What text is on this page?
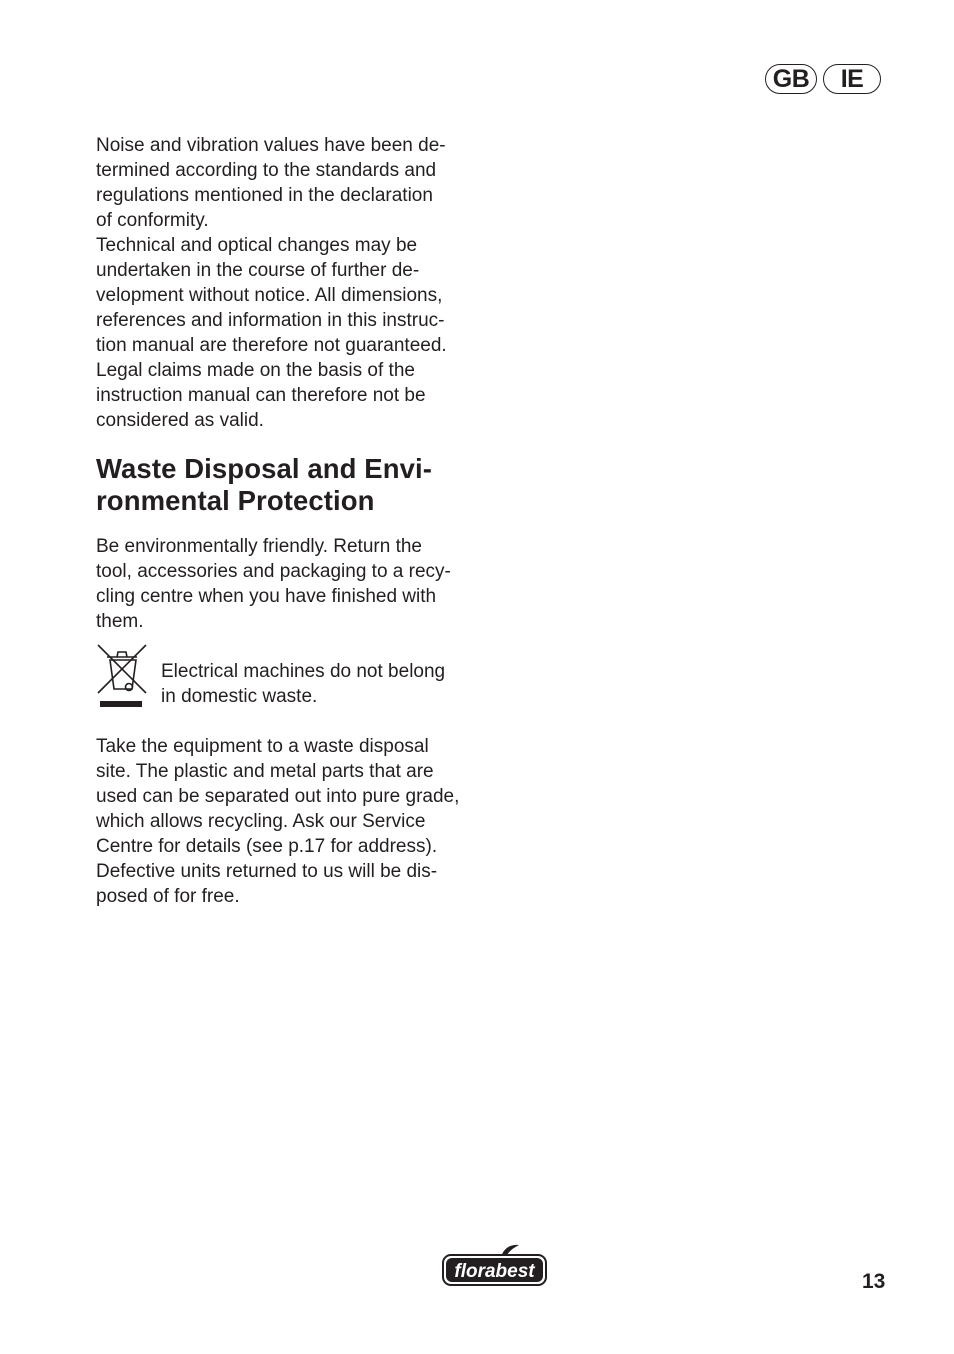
GB	IE

Noise and vibration values have been de-

termined according to the standards and

regulations mentioned in the declaration

of conformity.

Technical and optical changes may be

undertaken in the course of further de-

velopment without notice. All dimensions,

references and information in this instruc-

tion manual are therefore not guaranteed.

Legal claims made on the basis of the

instruction manual can therefore not be

considered as valid.

Waste Disposal and Envi-
ronmental Protection

Be environmentally friendly. Return the

tool, accessories and packaging to a recy-

cling centre when you have finished with

them.

Electrical machines do not belong

in domestic waste.

Take the equipment to a waste disposal

site. The plastic and metal parts that are

used can be separated out into pure grade,

which allows recycling. Ask our Service

Centre for details (see p.17 for address).

Defective units returned to us will be dis-

posed of for free.

florabest	13
